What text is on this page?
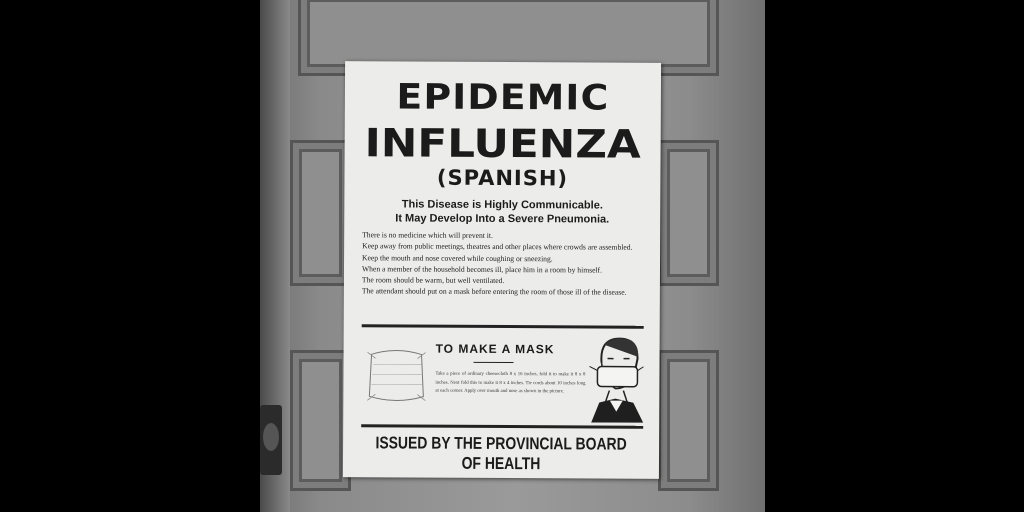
EPIDEMIC
INFLUENZA
(SPANISH)
This Disease is Highly Communicable.
It May Develop Into a Severe Pneumonia.
There is no medicine which will prevent it.
Keep away from public meetings, theatres and other places where crowds are assembled.
Keep the mouth and nose covered while coughing or sneezing.
When a member of the household becomes ill, place him in a room by himself.
The room should be warm, but well ventilated.
The attendant should put on a mask before entering the room of those ill of the disease.
TO MAKE A MASK
Take a piece of ordinary cheesecloth 8 x 16 inches, fold it to make it 8 x 8 inches. Next fold this to make it 8 x 4 inches. Tie cords about 10 inches long at each corner. Apply over mouth and nose as shown in the picture.
ISSUED BY THE PROVINCIAL BOARD OF HEALTH
